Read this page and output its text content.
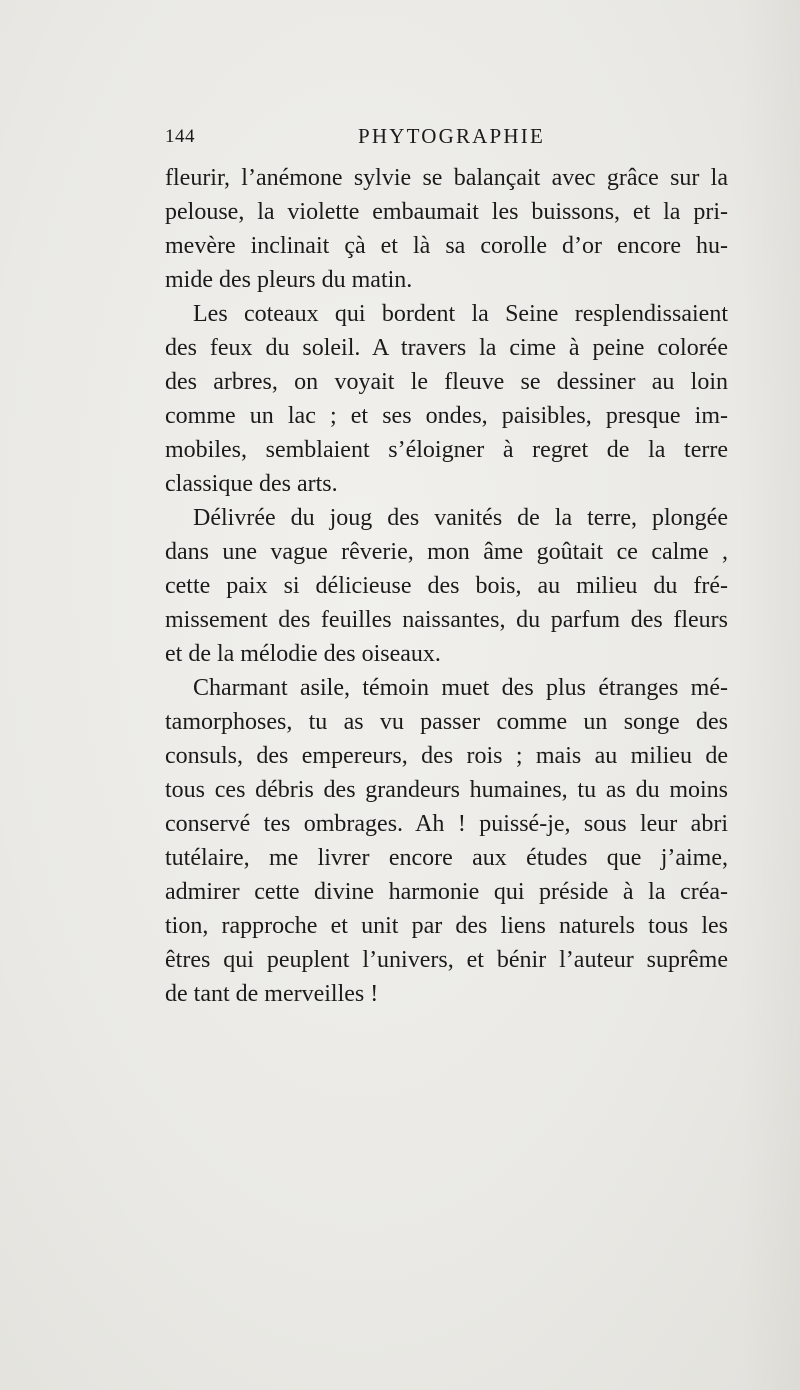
144	PHYTOGRAPHIE
fleurir, l’anémone sylvie se balançait avec grâce sur la
pelouse, la violette embaumait les buissons, et la pri-
mevère inclinait çà et là sa corolle d’or encore hu-
mide des pleurs du matin.
Les coteaux qui bordent la Seine resplendissaient
des feux du soleil. A travers la cime à peine colorée
des arbres, on voyait le fleuve se dessiner au loin
comme un lac ; et ses ondes, paisibles, presque im-
mobiles, semblaient s’éloigner à regret de la terre
classique des arts.
Délivrée du joug des vanités de la terre, plongée
dans une vague rêverie, mon âme goûtait ce calme ,
cette paix si délicieuse des bois, au milieu du fré-
missement des feuilles naissantes, du parfum des fleurs
et de la mélodie des oiseaux.
Charmant asile, témoin muet des plus étranges mé-
tamorphoses, tu as vu passer comme un songe des
consuls, des empereurs, des rois ; mais au milieu de
tous ces débris des grandeurs humaines, tu as du moins
conservé tes ombrages. Ah ! puissé-je, sous leur abri
tutélaire, me livrer encore aux études que j’aime,
admirer cette divine harmonie qui préside à la créa-
tion, rapproche et unit par des liens naturels tous les
êtres qui peuplent l’univers, et bénir l’auteur suprême
de tant de merveilles !
